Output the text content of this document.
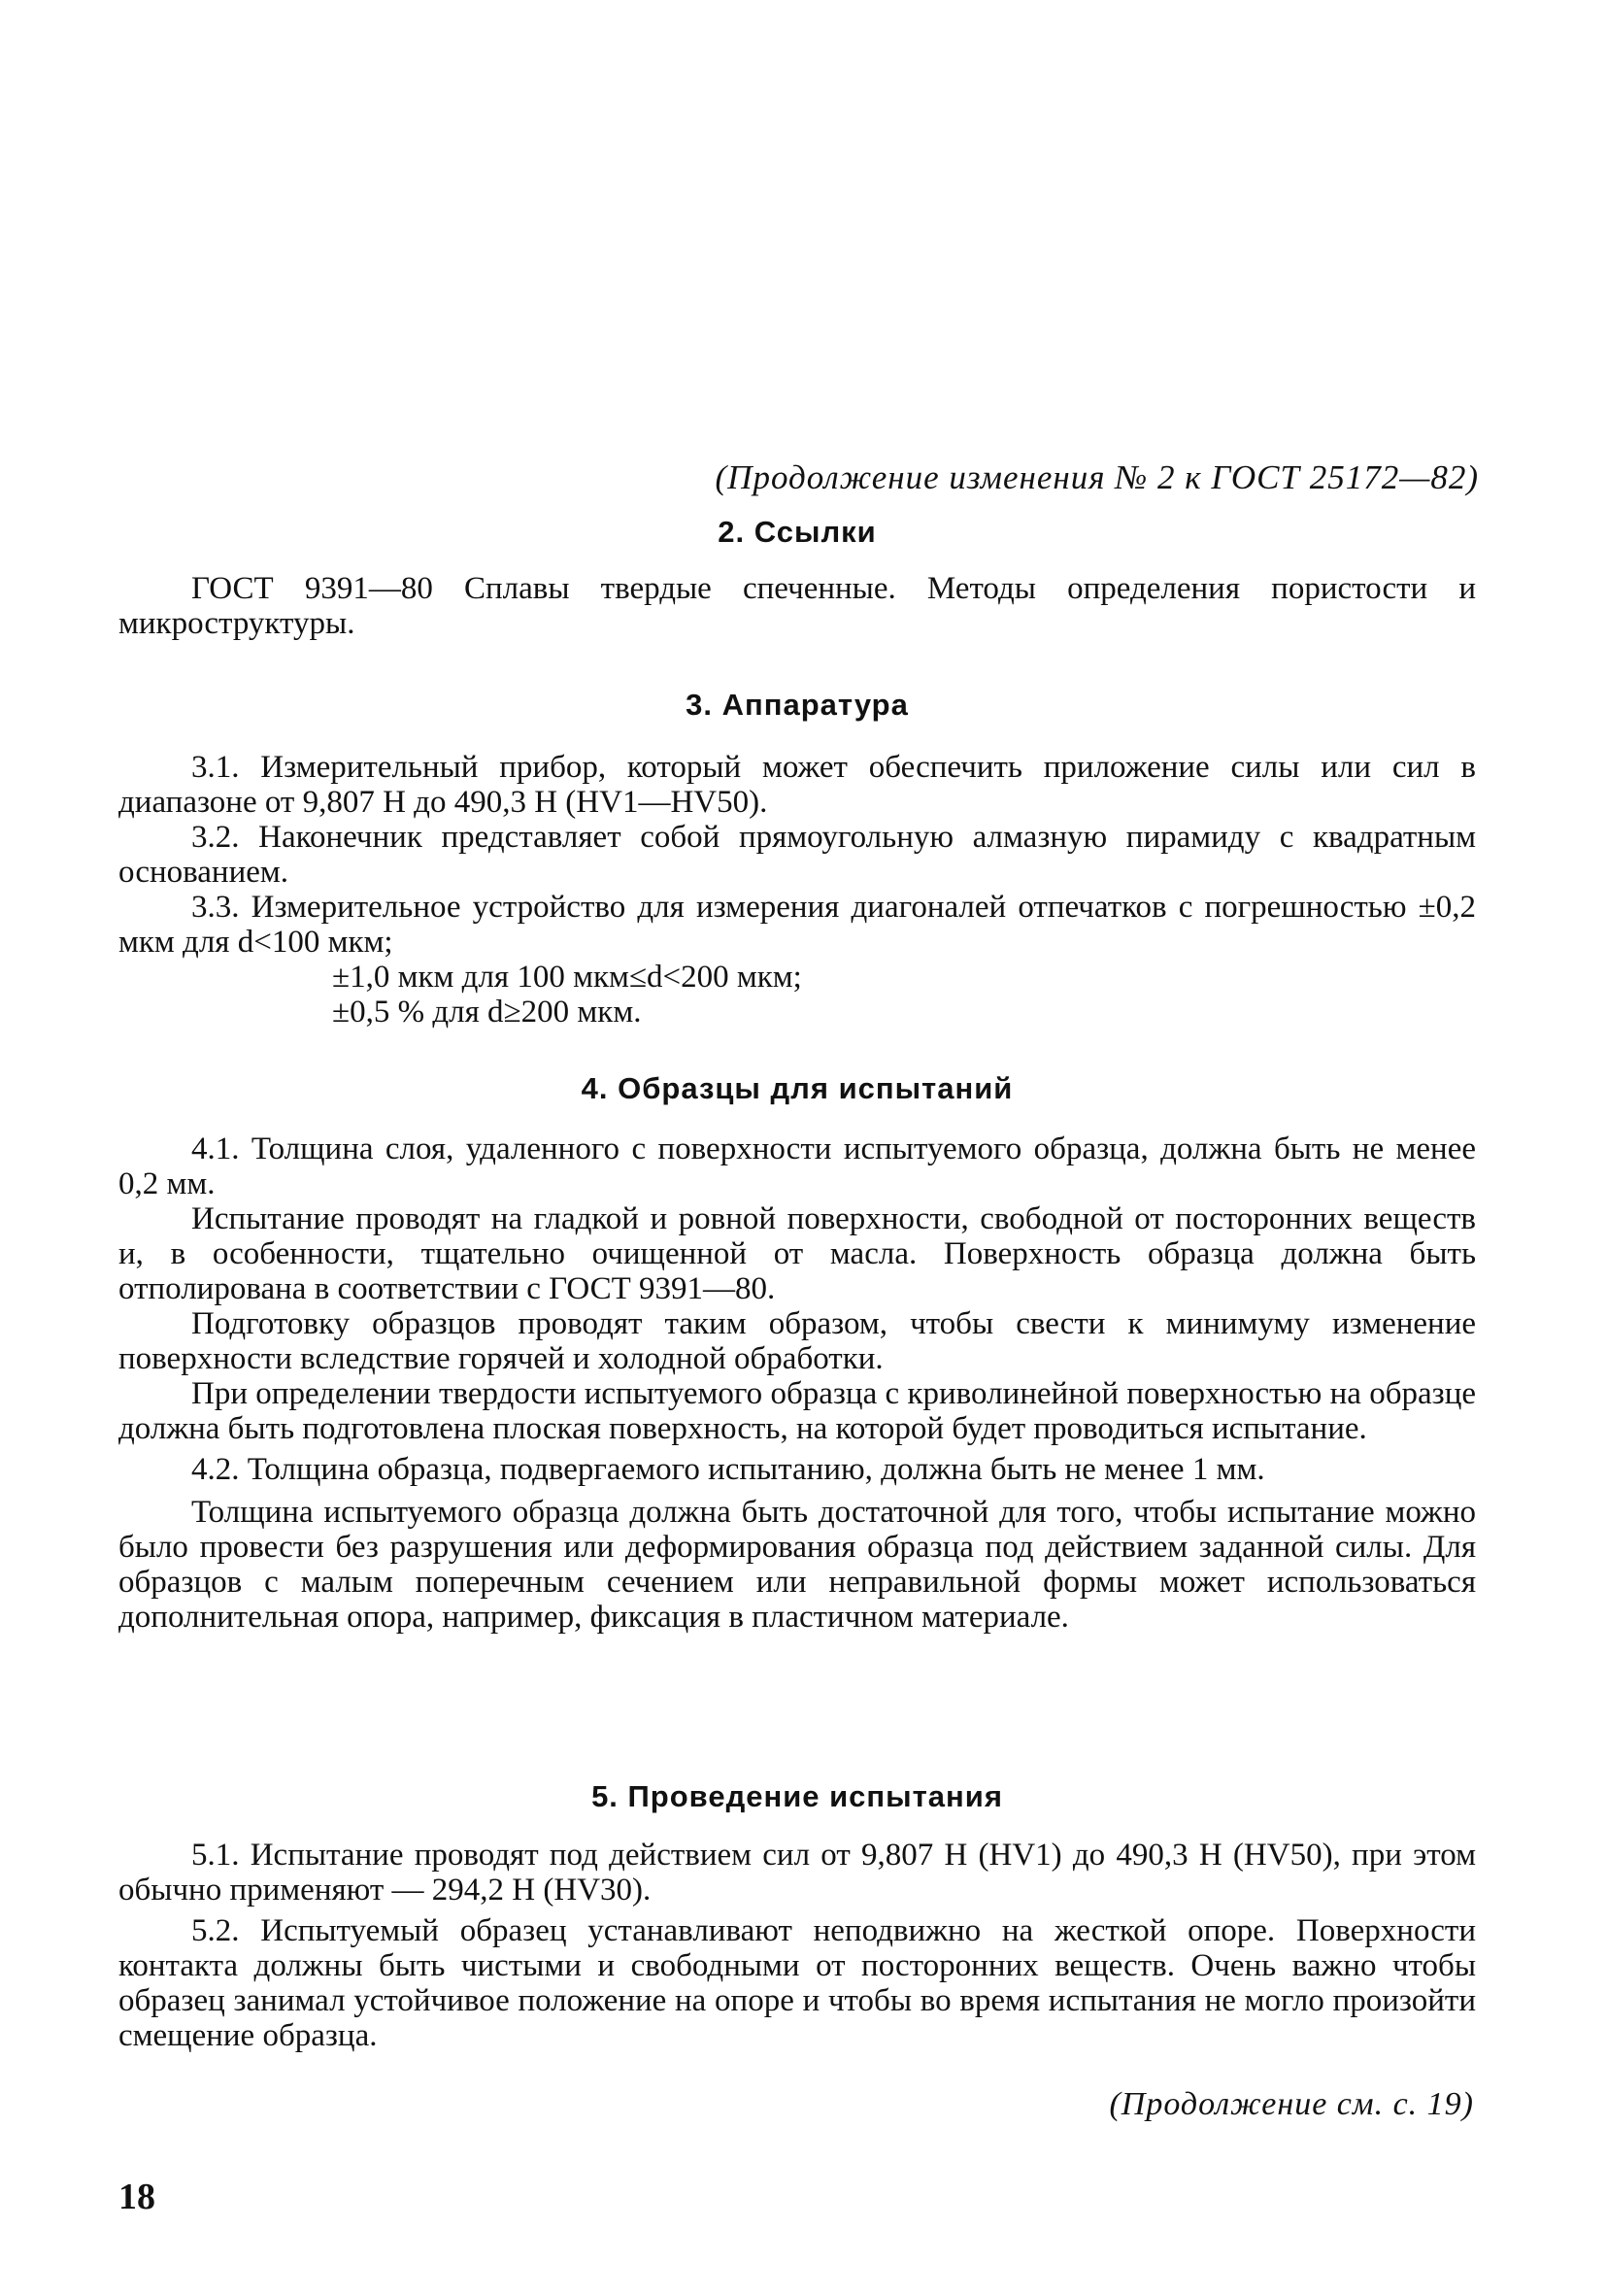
(Продолжение изменения № 2 к ГОСТ 25172—82)
2. Ссылки

ГОСТ 9391—80 Сплавы твердые спеченные. Методы определения пористости и микроструктуры.

3. Аппаратура

3.1. Измерительный прибор, который может обеспечить приложение силы или сил в диапазоне от 9,807 Н до 490,3 Н (HV1—HV50).

3.2. Наконечник представляет собой прямоугольную алмазную пирамиду с квадратным основанием.

3.3. Измерительное устройство для измерения диагоналей отпечатков с погрешностью ±0,2 мкм для d<100 мкм;

±1,0 мкм для 100 мкм≤d<200 мкм;

±0,5 % для d≥200 мкм.

4. Образцы для испытаний

4.1. Толщина слоя, удаленного с поверхности испытуемого образца, должна быть не менее 0,2 мм.

Испытание проводят на гладкой и ровной поверхности, свободной от посторонних веществ и, в особенности, тщательно очищенной от масла. Поверхность образца должна быть отполирована в соответствии с ГОСТ 9391—80.

Подготовку образцов проводят таким образом, чтобы свести к минимуму изменение поверхности вследствие горячей и холодной обработки.

При определении твердости испытуемого образца с криволинейной поверхностью на образце должна быть подготовлена плоская поверхность, на которой будет проводиться испытание.

4.2. Толщина образца, подвергаемого испытанию, должна быть не менее 1 мм.

Толщина испытуемого образца должна быть достаточной для того, чтобы испытание можно было провести без разрушения или деформирования образца под действием заданной силы. Для образцов с малым поперечным сечением или неправильной формы может использоваться дополнительная опора, например, фиксация в пластичном материале.

5. Проведение испытания

5.1. Испытание проводят под действием сил от 9,807 Н (HV1) до 490,3 Н (HV50), при этом обычно применяют — 294,2 Н (HV30).

5.2. Испытуемый образец устанавливают неподвижно на жесткой опоре. Поверхности контакта должны быть чистыми и свободными от посторонних веществ. Очень важно чтобы образец занимал устойчивое положение на опоре и чтобы во время испытания не могло произойти смещение образца.

(Продолжение см. с. 19)
18
